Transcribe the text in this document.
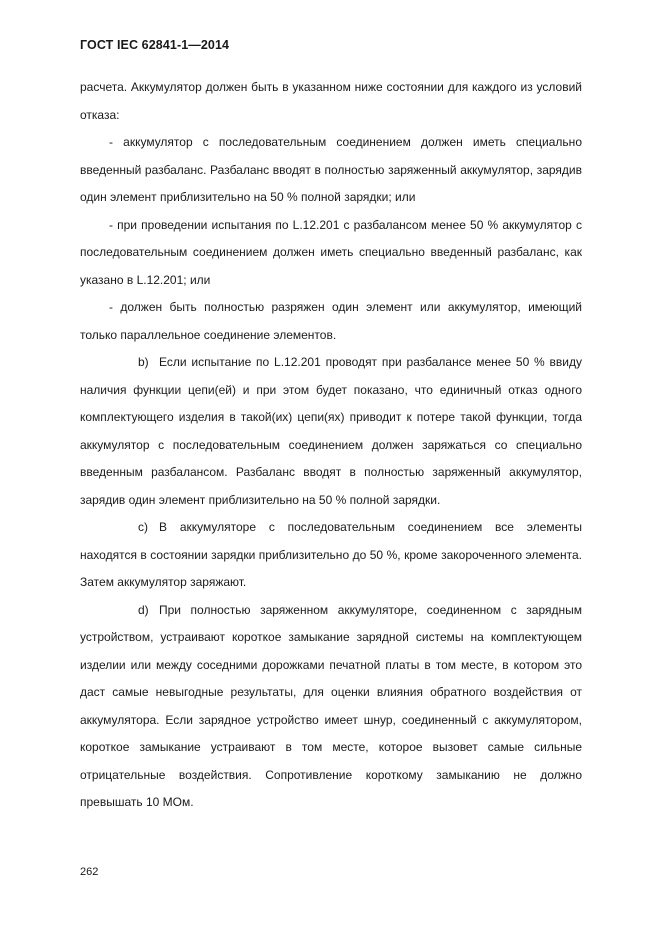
ГОСТ IEC 62841-1—2014

расчета. Аккумулятор должен быть в указанном ниже состоянии для каждого из условий отказа:

- аккумулятор с последовательным соединением должен иметь специально введенный разбаланс. Разбаланс вводят в полностью заряженный аккумулятор, зарядив один элемент приблизительно на 50 % полной зарядки; или

- при проведении испытания по L.12.201 с разбалансом менее 50 % аккумулятор с последовательным соединением должен иметь специально введенный разбаланс, как указано в L.12.201; или

- должен быть полностью разряжен один элемент или аккумулятор, имеющий только параллельное соединение элементов.

b) Если испытание по L.12.201 проводят при разбалансе менее 50 % ввиду наличия функции цепи(ей) и при этом будет показано, что единичный отказ одного комплектующего изделия в такой(их) цепи(ях) приводит к потере такой функции, тогда аккумулятор с последовательным соединением должен заряжаться со специально введенным разбалансом. Разбаланс вводят в полностью заряженный аккумулятор, зарядив один элемент приблизительно на 50 % полной зарядки.

c) В аккумуляторе с последовательным соединением все элементы находятся в состоянии зарядки приблизительно до 50 %, кроме закороченного элемента. Затем аккумулятор заряжают.

d) При полностью заряженном аккумуляторе, соединенном с зарядным устройством, устраивают короткое замыкание зарядной системы на комплектующем изделии или между соседними дорожками печатной платы в том месте, в котором это даст самые невыгодные результаты, для оценки влияния обратного воздействия от аккумулятора. Если зарядное устройство имеет шнур, соединенный с аккумулятором, короткое замыкание устраивают в том месте, которое вызовет самые сильные отрицательные воздействия. Сопротивление короткому замыканию не должно превышать 10 МОм.

262
